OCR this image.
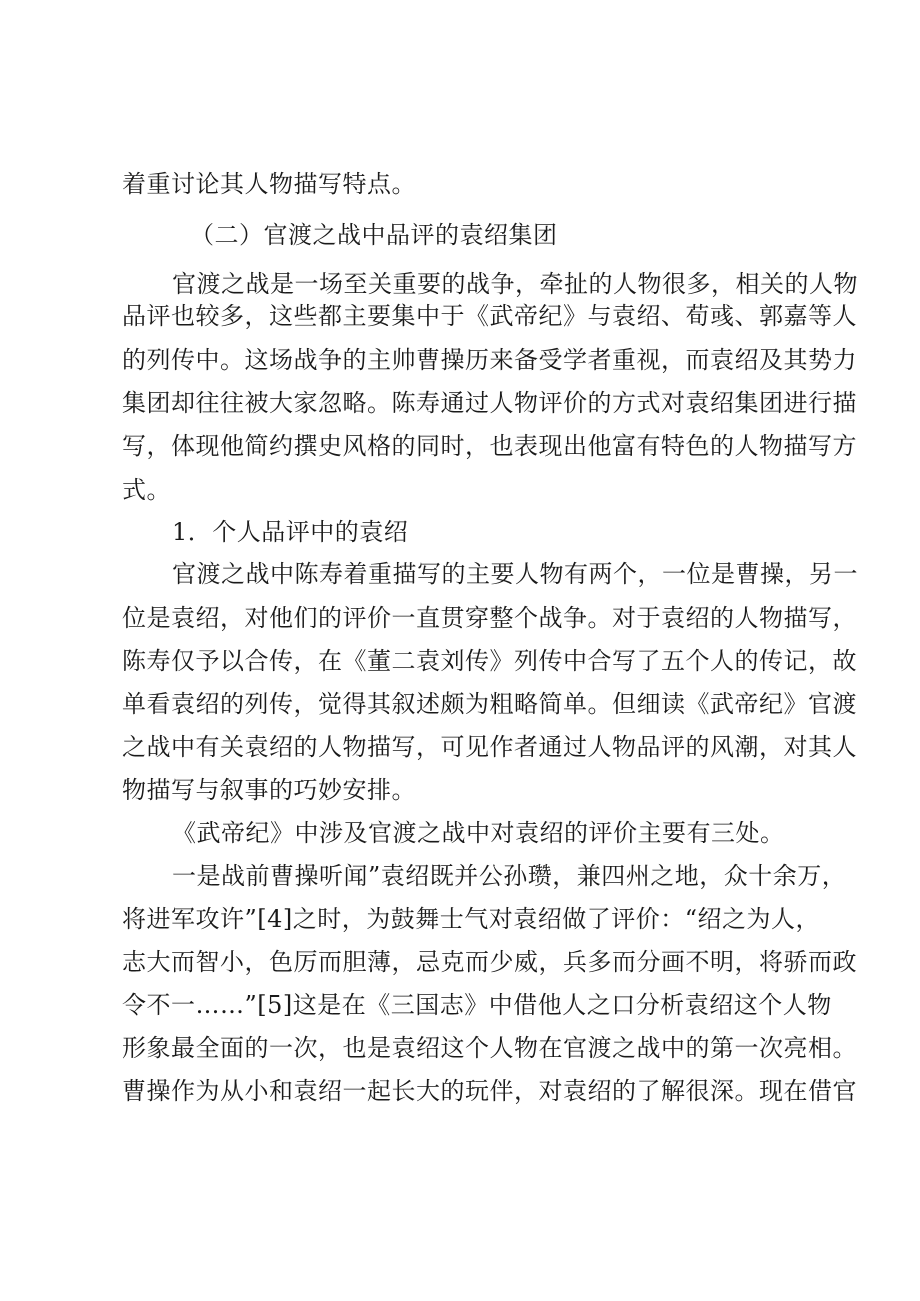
着重讨论其人物描写特点。
（二）官渡之战中品评的袁绍集团
官渡之战是一场至关重要的战争，牵扯的人物很多，相关的人物
品评也较多，这些都主要集中于《武帝纪》与袁绍、荀彧、郭嘉等人
的列传中。这场战争的主帅曹操历来备受学者重视，而袁绍及其势力
集团却往往被大家忽略。陈寿通过人物评价的方式对袁绍集团进行描
写，体现他简约撰史风格的同时，也表现出他富有特色的人物描写方
式。
1．个人品评中的袁绍
官渡之战中陈寿着重描写的主要人物有两个，一位是曹操，另一
位是袁绍，对他们的评价一直贯穿整个战争。对于袁绍的人物描写，
陈寿仅予以合传，在《董二袁刘传》列传中合写了五个人的传记，故
单看袁绍的列传，觉得其叙述颇为粗略简单。但细读《武帝纪》官渡
之战中有关袁绍的人物描写，可见作者通过人物品评的风潮，对其人
物描写与叙事的巧妙安排。
《武帝纪》中涉及官渡之战中对袁绍的评价主要有三处。
一是战前曹操听闻”袁绍既并公孙瓒，兼四州之地，众十余万，
将进军攻许”[4]之时，为鼓舞士气对袁绍做了评价：“绍之为人，
志大而智小，色厉而胆薄，忌克而少威，兵多而分画不明，将骄而政
令不一……”[5]这是在《三国志》中借他人之口分析袁绍这个人物
形象最全面的一次，也是袁绍这个人物在官渡之战中的第一次亮相。
曹操作为从小和袁绍一起长大的玩伴，对袁绍的了解很深。现在借官
